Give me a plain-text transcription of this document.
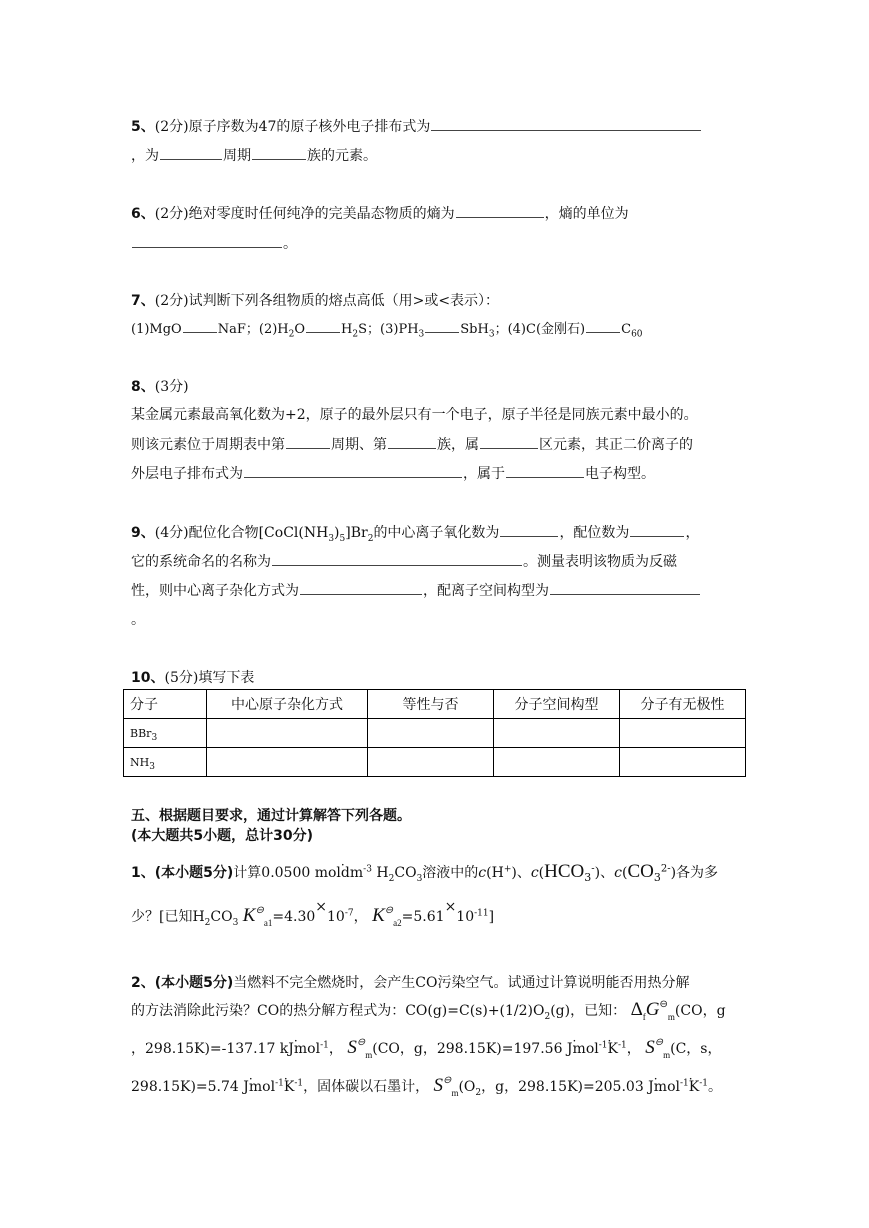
5、(2分)原子序数为47的原子核外电子排布式为
，为	周期	族的元素。
6、(2分)绝对零度时任何纯净的完美晶态物质的熵为	，熵的单位为
。
7、(2分)试判断下列各组物质的熔点高低（用>或<表示）：
(1)MgO	NaF；$(2)H_2O$	$H_2S$；$(3)PH_3$	SbH$_3$；(4)C(金刚石)	$C_{60}$
8、(3分)
某金属元素最高氧化数为+2，原子的最外层只有一个电子，原子半径是同族元素中最小的。
则该元素位于周期表中第	周期、第	族，属	区元素，其正二价离子的
外层电子排布式为	，属于	电子构型。
9、(4分)配位化合物$[CoCl(NH_3)_5]Br_2$的中心离子氧化数为	，配位数为	，
它的系统命名的名称为	。测量表明该物质为反磁
性，则中心离子杂化方式为	，配离子空间构型为
。
10、(5分)填写下表
分子	中心原子杂化方式	等性与否	分子空间构型	分子有无极性
BBr$_3$				
$NH_3$				
五、根据题目要求，通过计算解答下列各题。
(本大题共5小题，总计30分)
1、(本小题5分)计算0.0500 $mol\cdot dm^{-3}$ $H_2CO_3$溶液中的c(H+)、$c(HCO_3^-)$、$c(CO_3^{2-})$各为多
少？[已知$H_2CO_3$ $K^⊖_{a1}=4.30\times 10^{-7}$， $K^⊖_{a2}=5.61\times 10^{-11}$]
2、(本小题5分)当燃料不完全燃烧时，会产生CO污染空气。试通过计算说明能否用热分解
的方法消除此污染？CO的热分解方程式为：$CO(g)=C(s)+(1/2)O_2(g)$，已知： $\Delta_fG^⊖_m(CO$，g
，298.15K)=-137.17 kJ· mol$^{-1}$， $S^⊖_m(CO$，g，298.15K)=197.56 $J\cdot mol^{-1}\cdot K^{-1}$， $S^⊖_m(C$，s，
298.15K)=5.74 $J\cdot mol^{-1}\cdot K^{-1}$，固体碳以石墨计， $S^⊖_m(O_2$，g，298.15K)=205.03 $J\cdot mol^{-1}\cdot K^{-1}$。
